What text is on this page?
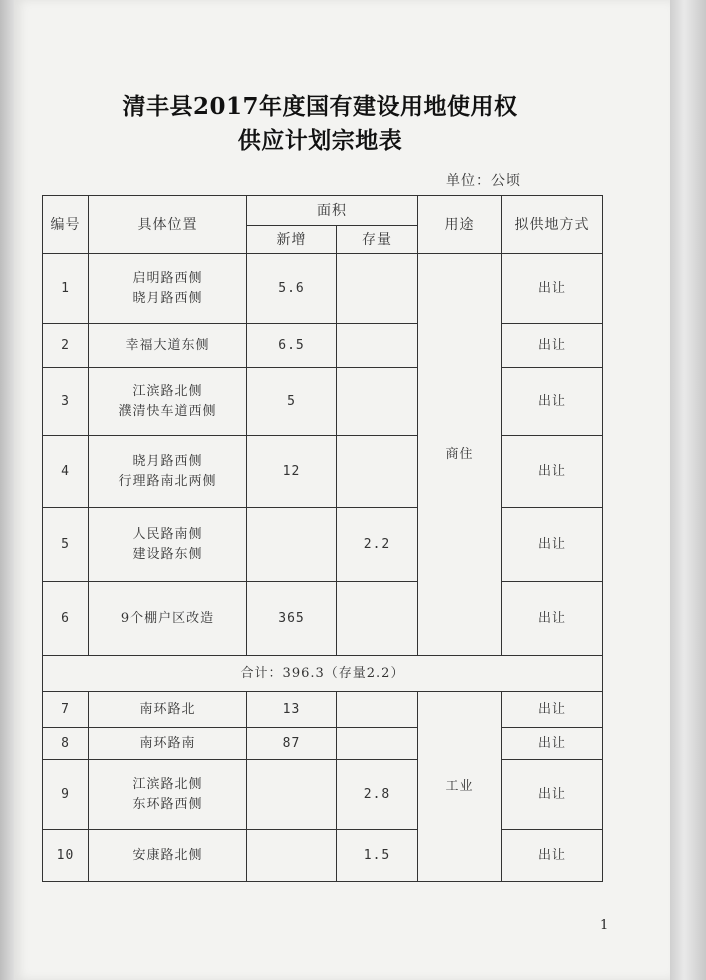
清丰县2017年度国有建设用地使用权
供应计划宗地表
单位：公顷
编号	具体位置	面积		用途	拟供地方式
		新增	存量		
1	启明路西侧
晓月路西侧	5.6		商住	出让
2	幸福大道东侧	6.5			出让
3	江滨路北侧
濮清快车道西侧	5			出让
4	晓月路西侧
行理路南北两侧	12			出让
5	人民路南侧
建设路东侧		2.2		出让
6	9个棚户区改造	365			出让
合计：396.3（存量2.2）					
7	南环路北	13		工业	出让
8	南环路南	87			出让
9	江滨路北侧
东环路西侧		2.8		出让
10	安康路北侧		1.5		出让
1
